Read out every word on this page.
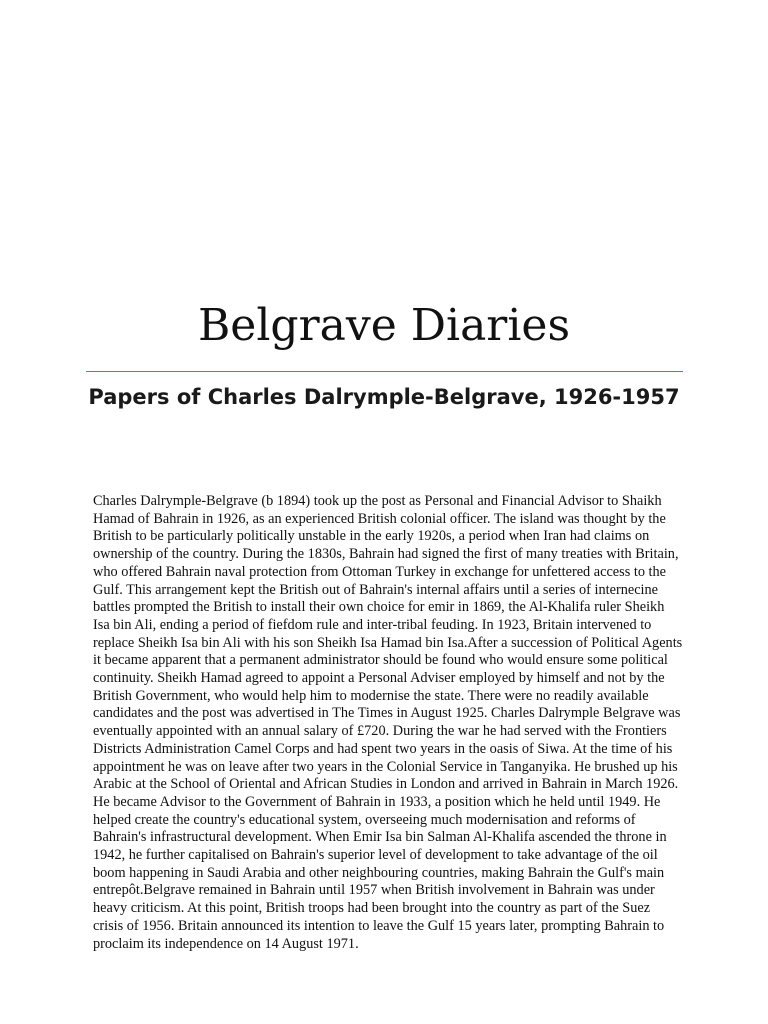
Belgrave Diaries
Papers of Charles Dalrymple-Belgrave, 1926-1957

Charles Dalrymple-Belgrave (b 1894) took up the post as Personal and Financial Advisor to Shaikh Hamad of Bahrain in 1926, as an experienced British colonial officer. The island was thought by the British to be particularly politically unstable in the early 1920s, a period when Iran had claims on ownership of the country. During the 1830s, Bahrain had signed the first of many treaties with Britain, who offered Bahrain naval protection from Ottoman Turkey in exchange for unfettered access to the Gulf. This arrangement kept the British out of Bahrain's internal affairs until a series of internecine battles prompted the British to install their own choice for emir in 1869, the Al-Khalifa ruler Sheikh Isa bin Ali, ending a period of fiefdom rule and inter-tribal feuding. In 1923, Britain intervened to replace Sheikh Isa bin Ali with his son Sheikh Isa Hamad bin Isa.After a succession of Political Agents it became apparent that a permanent administrator should be found who would ensure some political continuity. Sheikh Hamad agreed to appoint a Personal Adviser employed by himself and not by the British Government, who would help him to modernise the state. There were no readily available candidates and the post was advertised in The Times in August 1925. Charles Dalrymple Belgrave was eventually appointed with an annual salary of £720. During the war he had served with the Frontiers Districts Administration Camel Corps and had spent two years in the oasis of Siwa. At the time of his appointment he was on leave after two years in the Colonial Service in Tanganyika. He brushed up his Arabic at the School of Oriental and African Studies in London and arrived in Bahrain in March 1926. He became Advisor to the Government of Bahrain in 1933, a position which he held until 1949. He helped create the country's educational system, overseeing much modernisation and reforms of Bahrain's infrastructural development. When Emir Isa bin Salman Al-Khalifa ascended the throne in 1942, he further capitalised on Bahrain's superior level of development to take advantage of the oil boom happening in Saudi Arabia and other neighbouring countries, making Bahrain the Gulf's main entrepôt.Belgrave remained in Bahrain until 1957 when British involvement in Bahrain was under heavy criticism. At this point, British troops had been brought into the country as part of the Suez crisis of 1956. Britain announced its intention to leave the Gulf 15 years later, prompting Bahrain to proclaim its independence on 14 August 1971.
